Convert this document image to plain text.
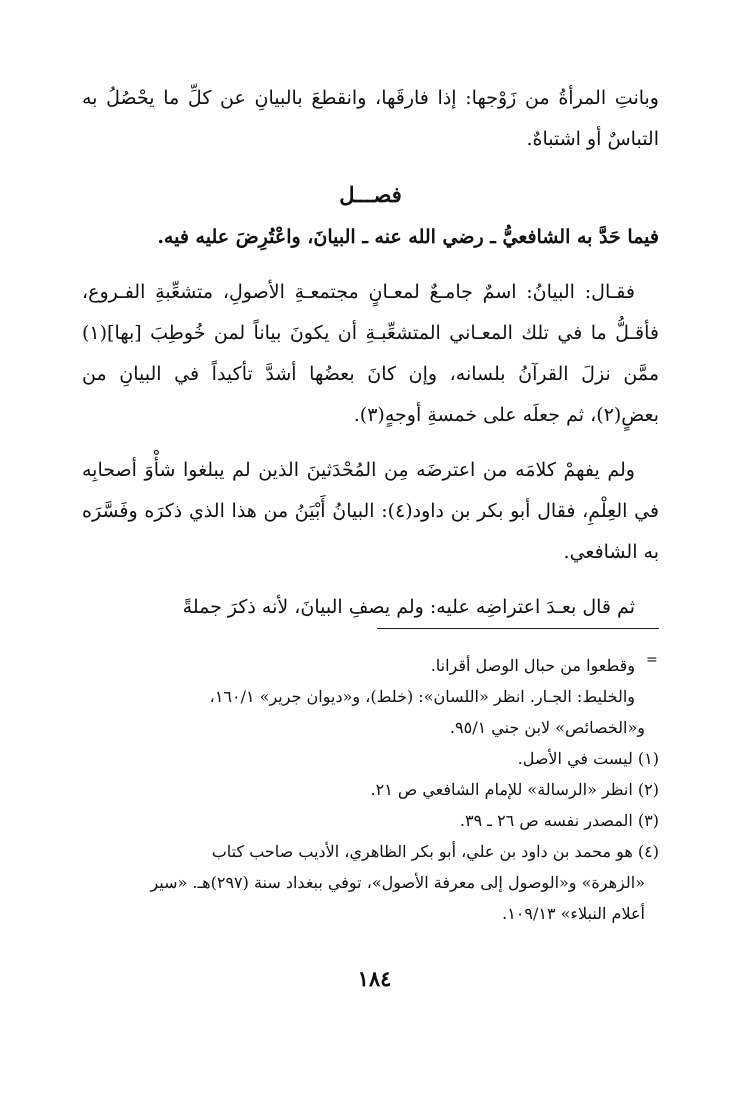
وبانتِ المرأةُ من زَوْجها: إذا فارقَها، وانقطعَ بالبيانِ عن كلِّ ما يحْصُلُ به التباسٌ أو اشتباهٌ.

فصـــل

فيما حَدَّ به الشافعيُّ ـ رضي الله عنه ـ البيانَ، واعْتُرِضَ عليه فيه.

فقـال: البيانُ: اسمٌ جامـعٌ لمعـانٍ مجتمعـةِ الأصولِ، متشعِّبةِ الفـروع، فأقـلُّ ما في تلك المعـاني المتشعِّبـةِ أن يكونَ بياناً لمن خُوطِبَ [بها](١) ممَّن نزلَ القرآنُ بلسانه، وإن كانَ بعضُها أشدَّ تأكيداً في البيانِ من بعضٍ(٢)، ثم جعلَه على خمسةِ أوجهٍ(٣).

ولم يفهمْ كلامَه من اعترضَه مِن المُحْدَثينَ الذين لم يبلغوا شأْوَ أصحابِه في العِلْمِ، فقال أبو بكر بن داود(٤): البيانُ أَبْيَنُ من هذا الذي ذكرَه وفَسَّرَه به الشافعي.

ثم قال بعـدَ اعتراضِه عليه: ولم يصفِ البيانَ، لأنه ذكرَ جملةً

=

وقطعوا من حبال الوصل أقرانا.

والخليط: الجـار. انظر «اللسان»: (خلط)، و«ديوان جرير» ١٦٠/١،

و«الخصائص» لابن جني ٩٥/١.

(١) ليست في الأصل.

(٢) انظر «الرسالة» للإمام الشافعي ص ٢١.

(٣) المصدر نفسه ص ٢٦ ـ ٣٩.

(٤) هو محمد بن داود بن علي، أبو بكر الظاهري، الأديب صاحب كتاب

«الزهرة» و«الوصول إلى معرفة الأصول»، توفي ببغداد سنة (٢٩٧)هـ. «سير

أعلام النبلاء» ١٠٩/١٣.

١٨٤
